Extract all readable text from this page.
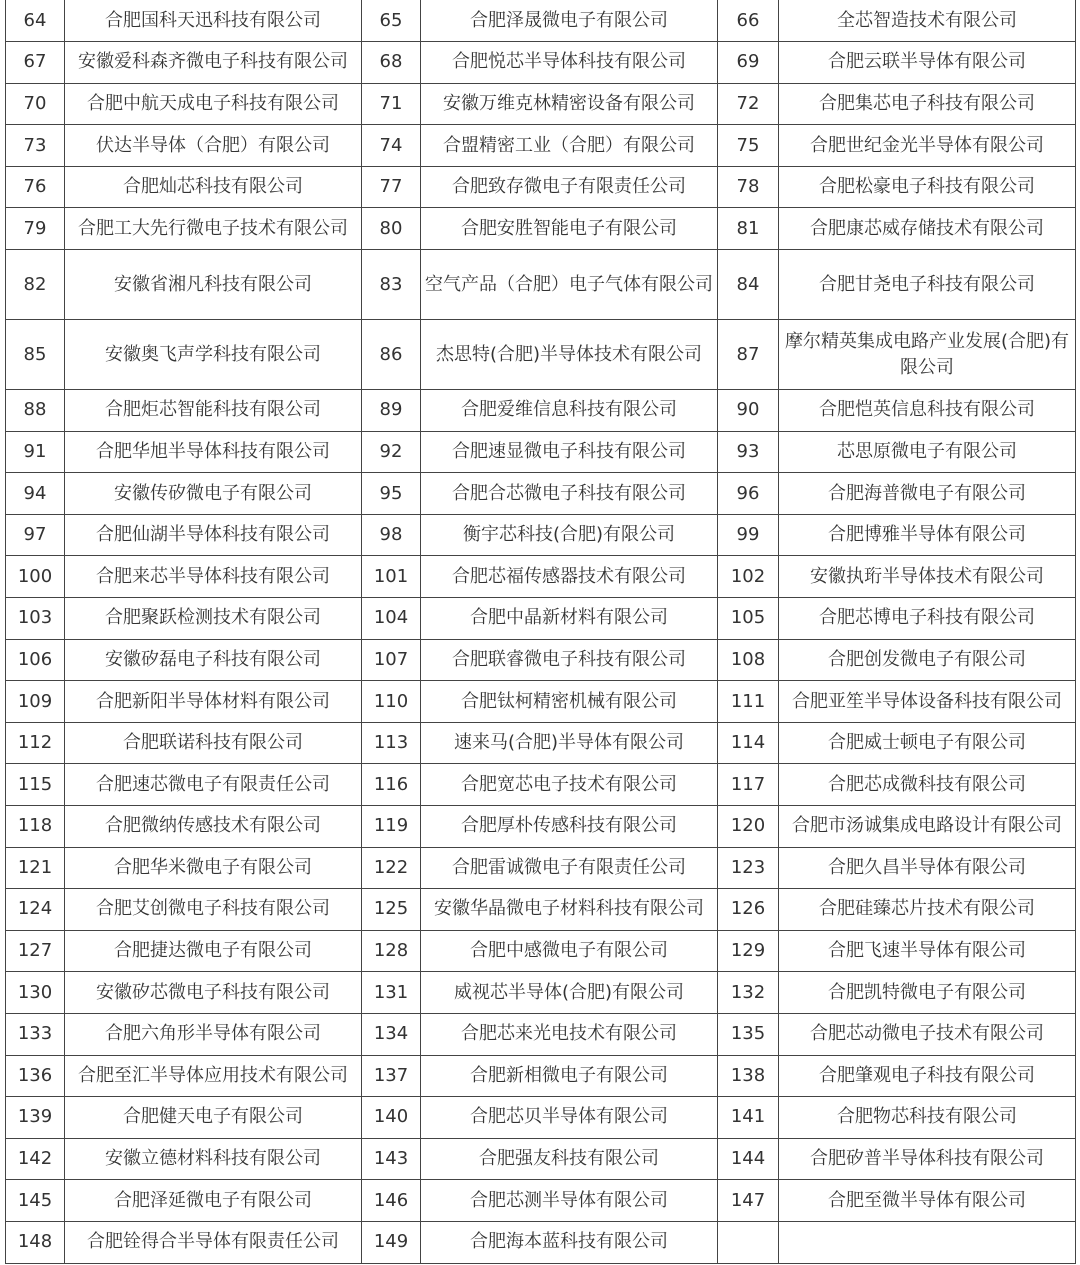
64	合肥国科天迅科技有限公司	65	合肥泽晟微电子有限公司	66	全芯智造技术有限公司
67	安徽爱科森齐微电子科技有限公司	68	合肥悦芯半导体科技有限公司	69	合肥云联半导体有限公司
70	合肥中航天成电子科技有限公司	71	安徽万维克林精密设备有限公司	72	合肥集芯电子科技有限公司
73	伏达半导体（合肥）有限公司	74	合盟精密工业（合肥）有限公司	75	合肥世纪金光半导体有限公司
76	合肥灿芯科技有限公司	77	合肥致存微电子有限责任公司	78	合肥松豪电子科技有限公司
79	合肥工大先行微电子技术有限公司	80	合肥安胜智能电子有限公司	81	合肥康芯威存储技术有限公司
82	安徽省湘凡科技有限公司	83	空气产品（合肥）电子气体有限公司	84	合肥甘尧电子科技有限公司
85	安徽奥飞声学科技有限公司	86	杰思特(合肥)半导体技术有限公司	87	摩尔精英集成电路产业发展(合肥)有限公司
88	合肥炬芯智能科技有限公司	89	合肥爱维信息科技有限公司	90	合肥恺英信息科技有限公司
91	合肥华旭半导体科技有限公司	92	合肥速显微电子科技有限公司	93	芯思原微电子有限公司
94	安徽传矽微电子有限公司	95	合肥合芯微电子科技有限公司	96	合肥海普微电子有限公司
97	合肥仙湖半导体科技有限公司	98	衡宇芯科技(合肥)有限公司	99	合肥博雅半导体有限公司
100	合肥来芯半导体科技有限公司	101	合肥芯福传感器技术有限公司	102	安徽执珩半导体技术有限公司
103	合肥聚跃检测技术有限公司	104	合肥中晶新材料有限公司	105	合肥芯博电子科技有限公司
106	安徽矽磊电子科技有限公司	107	合肥联睿微电子科技有限公司	108	合肥创发微电子有限公司
109	合肥新阳半导体材料有限公司	110	合肥钛柯精密机械有限公司	111	合肥亚笙半导体设备科技有限公司
112	合肥联诺科技有限公司	113	速来马(合肥)半导体有限公司	114	合肥威士顿电子有限公司
115	合肥速芯微电子有限责任公司	116	合肥宽芯电子技术有限公司	117	合肥芯成微科技有限公司
118	合肥微纳传感技术有限公司	119	合肥厚朴传感科技有限公司	120	合肥市汤诚集成电路设计有限公司
121	合肥华米微电子有限公司	122	合肥雷诚微电子有限责任公司	123	合肥久昌半导体有限公司
124	合肥艾创微电子科技有限公司	125	安徽华晶微电子材料科技有限公司	126	合肥硅臻芯片技术有限公司
127	合肥捷达微电子有限公司	128	合肥中感微电子有限公司	129	合肥飞速半导体有限公司
130	安徽矽芯微电子科技有限公司	131	威视芯半导体(合肥)有限公司	132	合肥凯特微电子有限公司
133	合肥六角形半导体有限公司	134	合肥芯来光电技术有限公司	135	合肥芯动微电子技术有限公司
136	合肥至汇半导体应用技术有限公司	137	合肥新相微电子有限公司	138	合肥肇观电子科技有限公司
139	合肥健天电子有限公司	140	合肥芯贝半导体有限公司	141	合肥物芯科技有限公司
142	安徽立德材料科技有限公司	143	合肥强友科技有限公司	144	合肥矽普半导体科技有限公司
145	合肥泽延微电子有限公司	146	合肥芯测半导体有限公司	147	合肥至微半导体有限公司
148	合肥铨得合半导体有限责任公司	149	合肥海本蓝科技有限公司		
